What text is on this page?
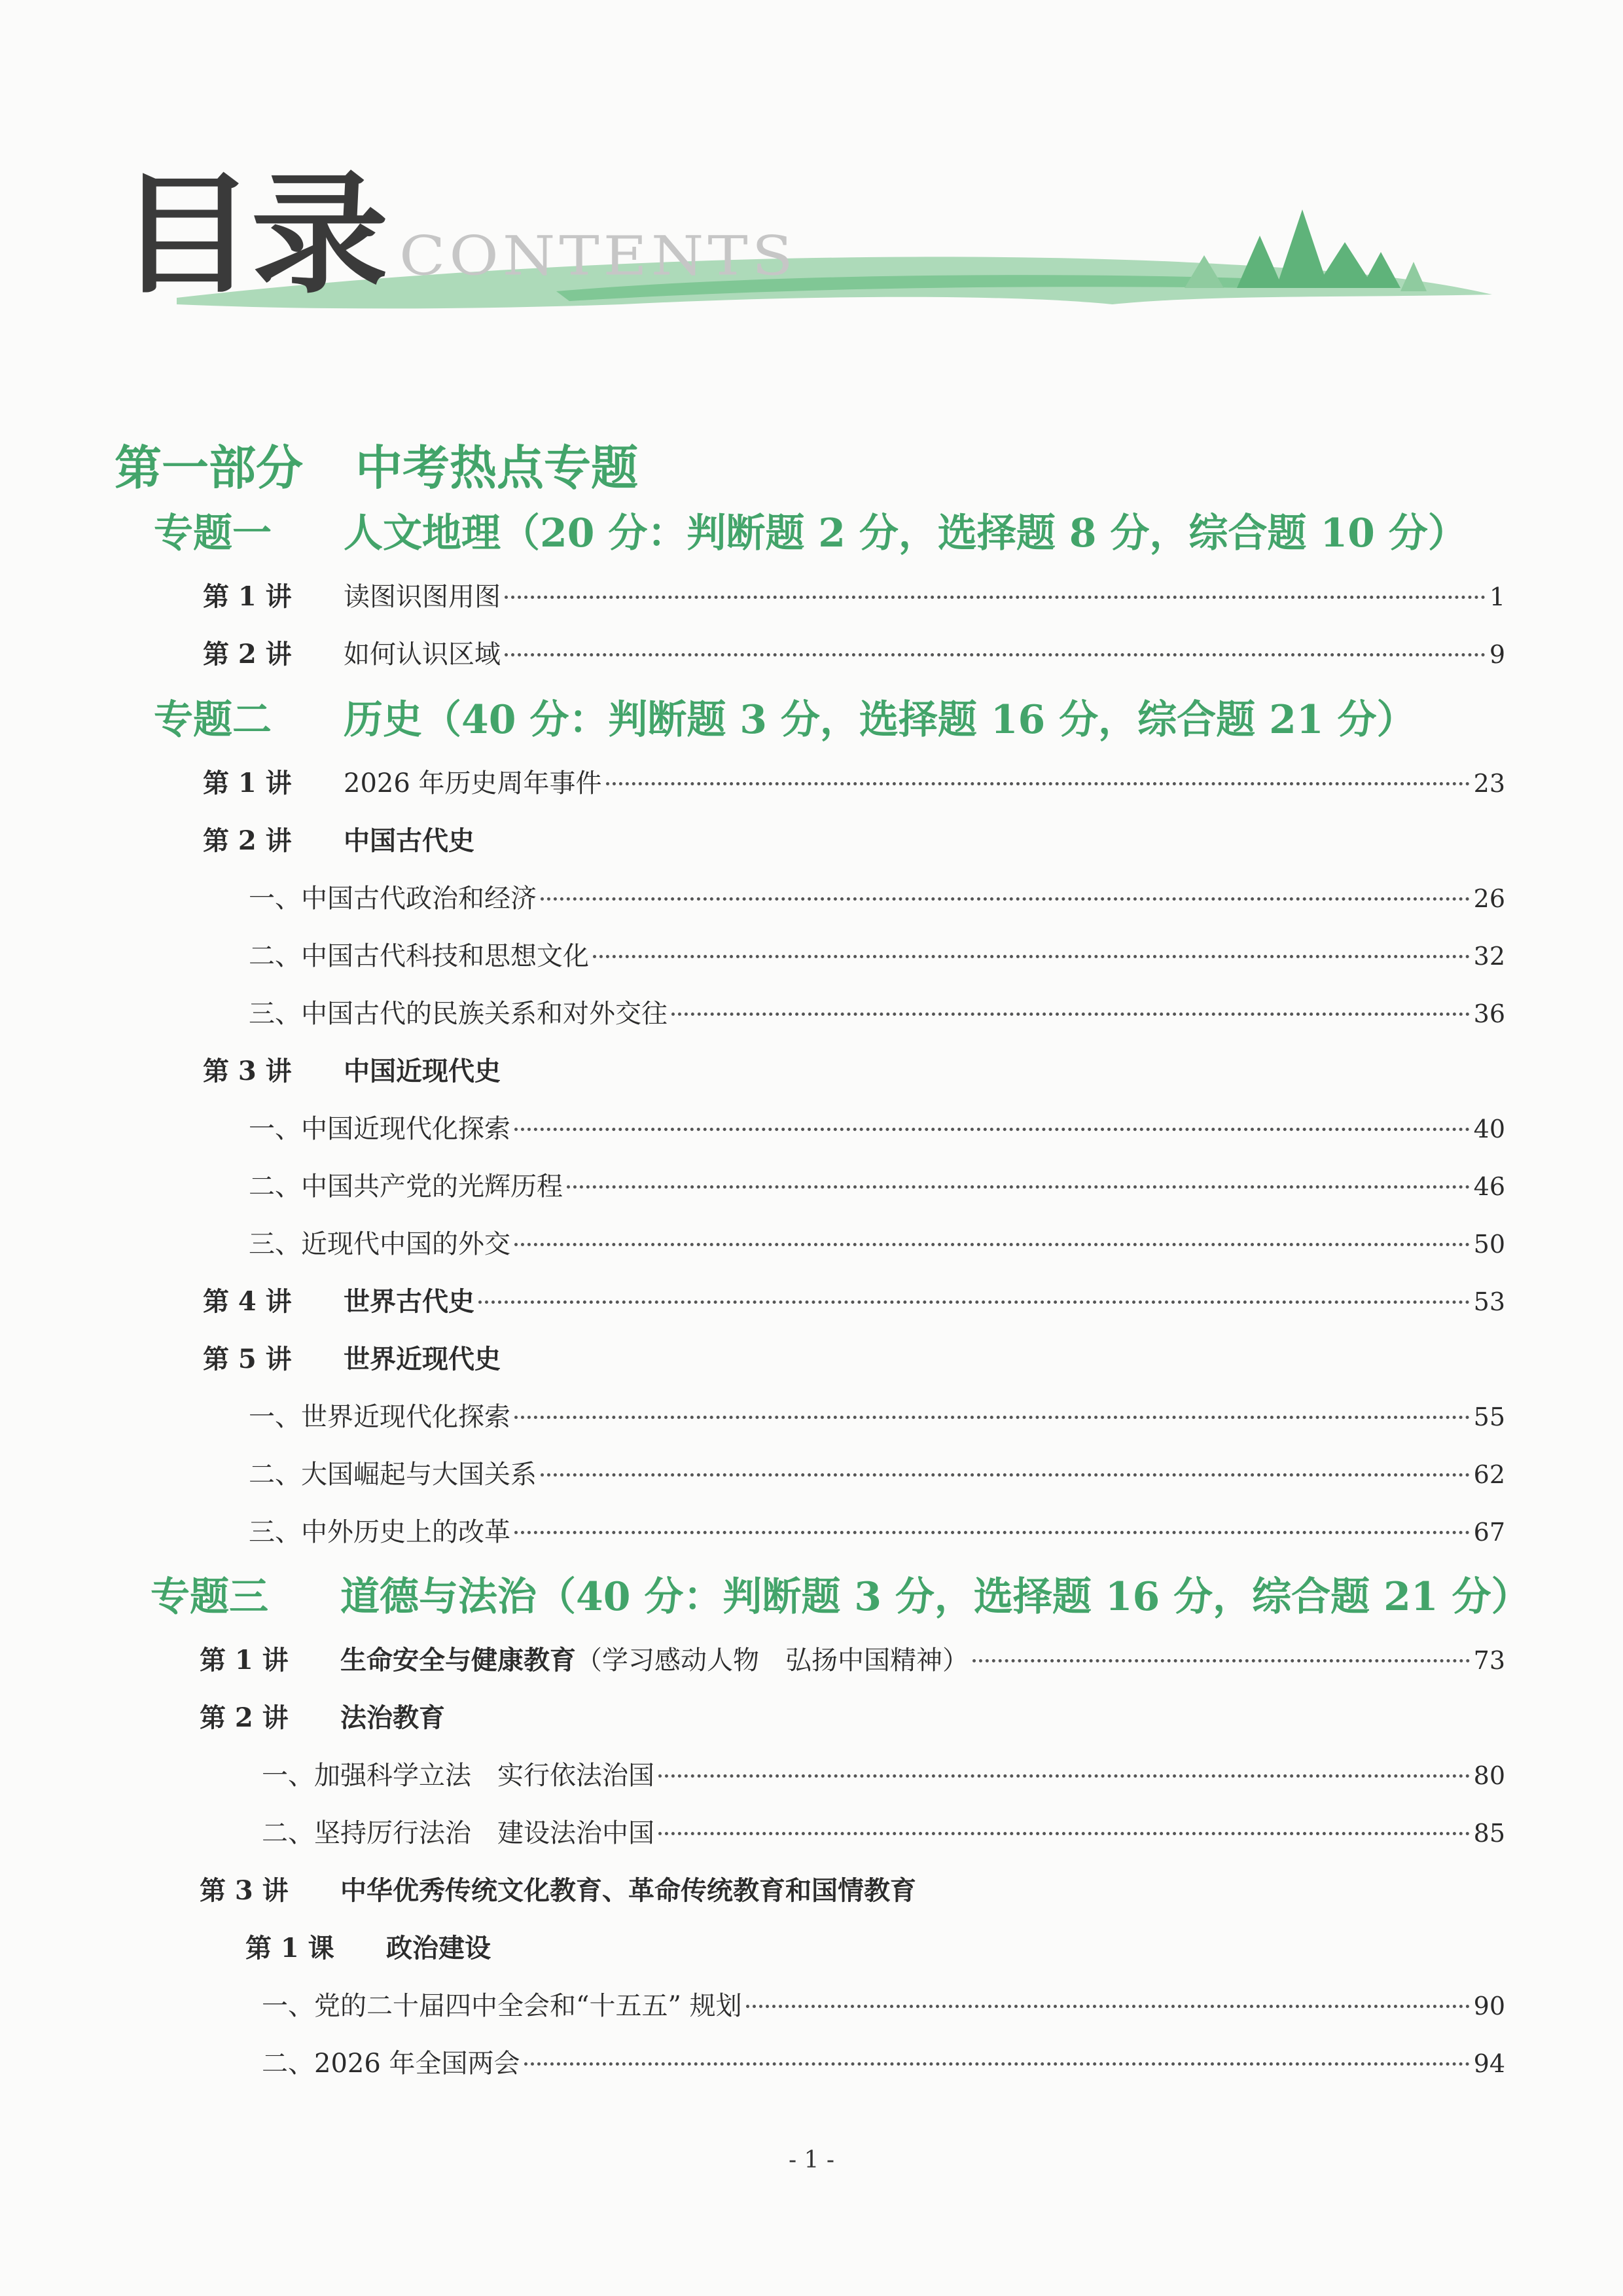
目录 CONTENTS
第一部分 中考热点专题
专题一 人文地理（20 分：判断题 2 分，选择题 8 分，综合题 10 分）
第 1 讲	读图识图用图	1
第 2 讲	如何认识区域	9
专题二 历史（40 分：判断题 3 分，选择题 16 分，综合题 21 分）
第 1 讲	2026 年历史周年事件	23
第 2 讲	中国古代史
一、中国古代政治和经济	26
二、中国古代科技和思想文化	32
三、中国古代的民族关系和对外交往	36
第 3 讲	中国近现代史
一、中国近现代化探索	40
二、中国共产党的光辉历程	46
三、近现代中国的外交	50
第 4 讲	世界古代史	53
第 5 讲	世界近现代史
一、世界近现代化探索	55
二、大国崛起与大国关系	62
三、中外历史上的改革	67
专题三 道德与法治（40 分：判断题 3 分，选择题 16 分，综合题 21 分）
第 1 讲	生命安全与健康教育 （学习感动人物　弘扬中国精神）	73
第 2 讲	法治教育
一、加强科学立法　实行依法治国	80
二、坚持厉行法治　建设法治中国	85
第 3 讲	中华优秀传统文化教育、革命传统教育和国情教育
第 1 课	政治建设
一、党的二十届四中全会和“十五五” 规划	90
二、2026 年全国两会	94
- 1 -
